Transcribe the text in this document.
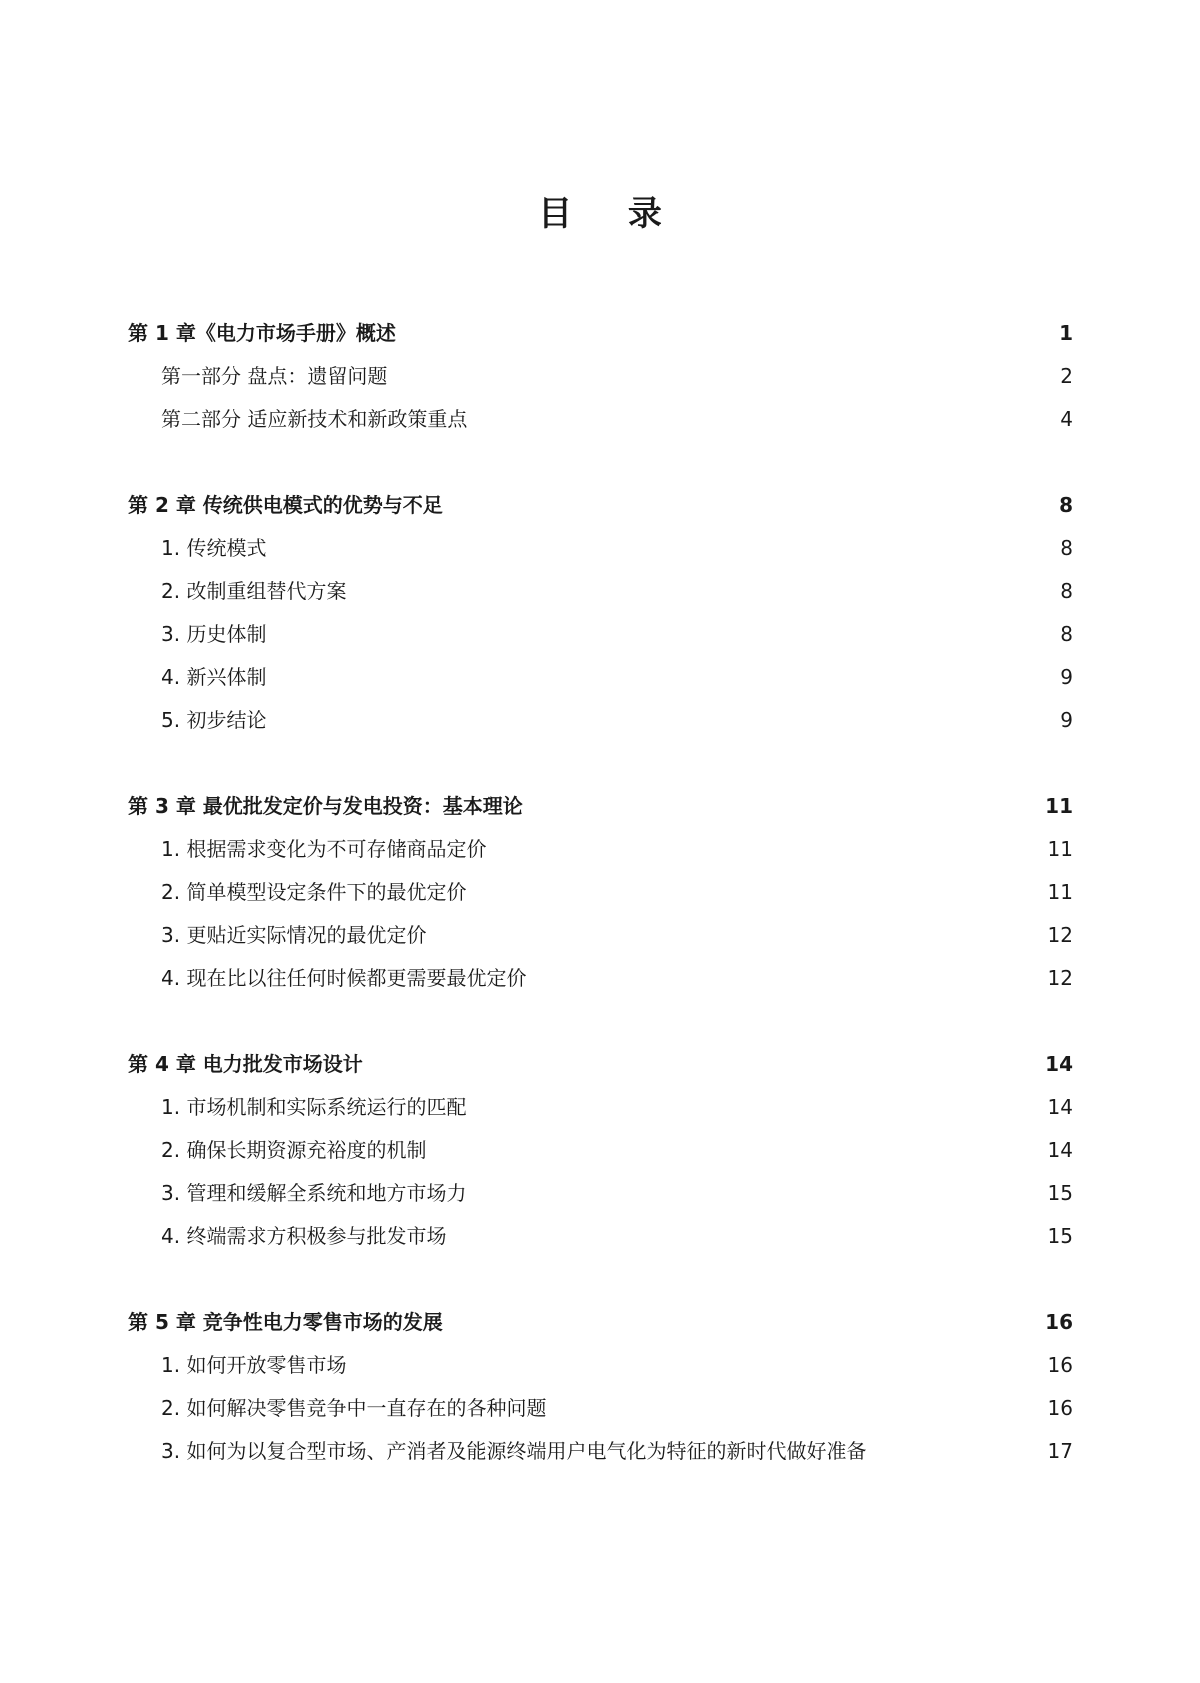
目 录
第 1 章《电力市场手册》概述	1
第一部分 盘点：遗留问题	2
第二部分 适应新技术和新政策重点	4
第 2 章 传统供电模式的优势与不足	8
1. 传统模式	8
2. 改制重组替代方案	8
3. 历史体制	8
4. 新兴体制	9
5. 初步结论	9
第 3 章 最优批发定价与发电投资：基本理论	11
1. 根据需求变化为不可存储商品定价	11
2. 简单模型设定条件下的最优定价	11
3. 更贴近实际情况的最优定价	12
4. 现在比以往任何时候都更需要最优定价	12
第 4 章 电力批发市场设计	14
1. 市场机制和实际系统运行的匹配	14
2. 确保长期资源充裕度的机制	14
3. 管理和缓解全系统和地方市场力	15
4. 终端需求方积极参与批发市场	15
第 5 章 竞争性电力零售市场的发展	16
1. 如何开放零售市场	16
2. 如何解决零售竞争中一直存在的各种问题	16
3. 如何为以复合型市场、产消者及能源终端用户电气化为特征的新时代做好准备	17
